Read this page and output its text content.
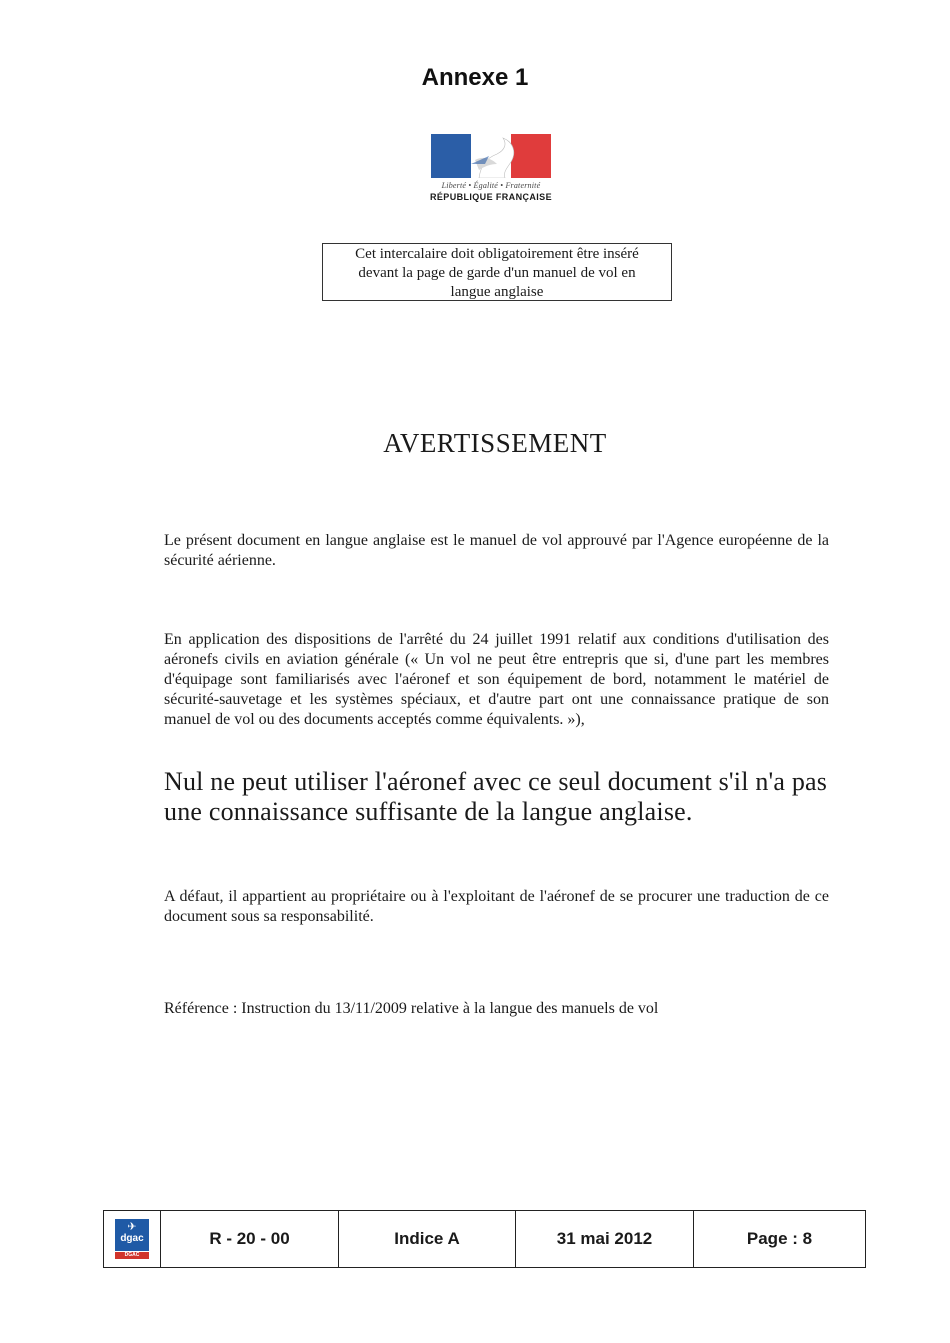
Annexe 1
Liberté • Égalité • Fraternité
RÉPUBLIQUE FRANÇAISE
Cet intercalaire doit obligatoirement être inséré
devant la page de garde d'un manuel de vol en
langue anglaise
AVERTISSEMENT
Le présent document en langue anglaise est le manuel de vol approuvé par l'Agence européenne de la sécurité aérienne.
En application des dispositions de l'arrêté du 24 juillet 1991 relatif aux conditions d'utilisation des aéronefs civils en aviation générale (« Un vol ne peut être entrepris que si, d'une part les membres d'équipage sont familiarisés avec l'aéronef et son équipement de bord, notamment le matériel de sécurité-sauvetage et les systèmes spéciaux, et d'autre part ont une connaissance pratique de son manuel de vol ou des documents acceptés comme équivalents. »),
Nul ne peut utiliser l'aéronef avec ce seul document s'il n'a pas une connaissance suffisante de la langue anglaise.
A défaut, il appartient au propriétaire ou à l'exploitant de l'aéronef de se procurer une traduction de ce document sous sa responsabilité.
Référence : Instruction du 13/11/2009 relative à la langue des manuels de vol
✈
dgac
DGAC
R - 20 - 00	Indice A	31 mai 2012	Page : 8
